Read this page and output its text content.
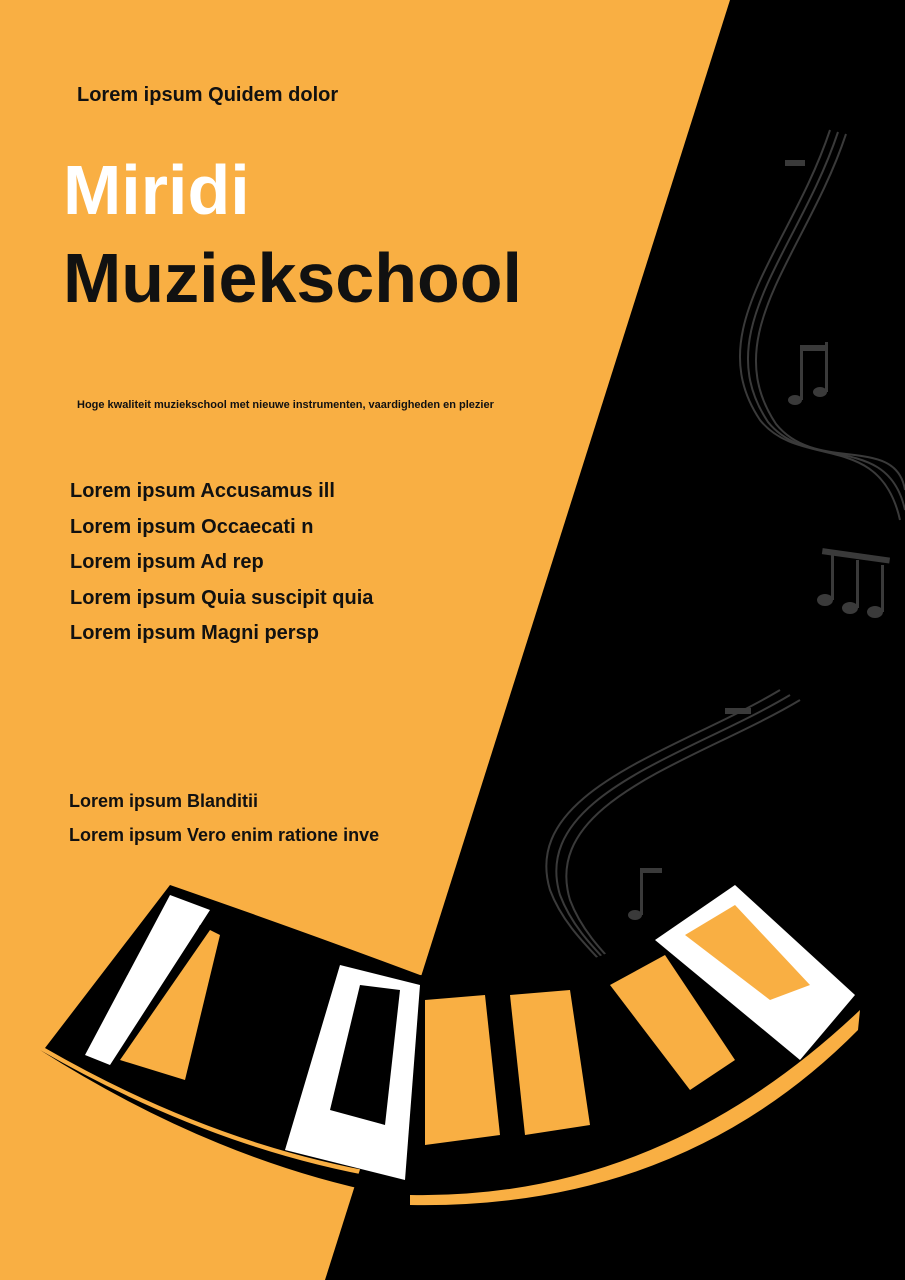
Lorem ipsum Quidem dolor

Miridi
Muziekschool

Hoge kwaliteit muziekschool met nieuwe instrumenten, vaardigheden en plezier

Lorem ipsum Accusamus ill
Lorem ipsum Occaecati n
Lorem ipsum Ad rep
Lorem ipsum Quia suscipit quia
Lorem ipsum Magni persp
Lorem ipsum Blanditii
Lorem ipsum Vero enim ratione inve
